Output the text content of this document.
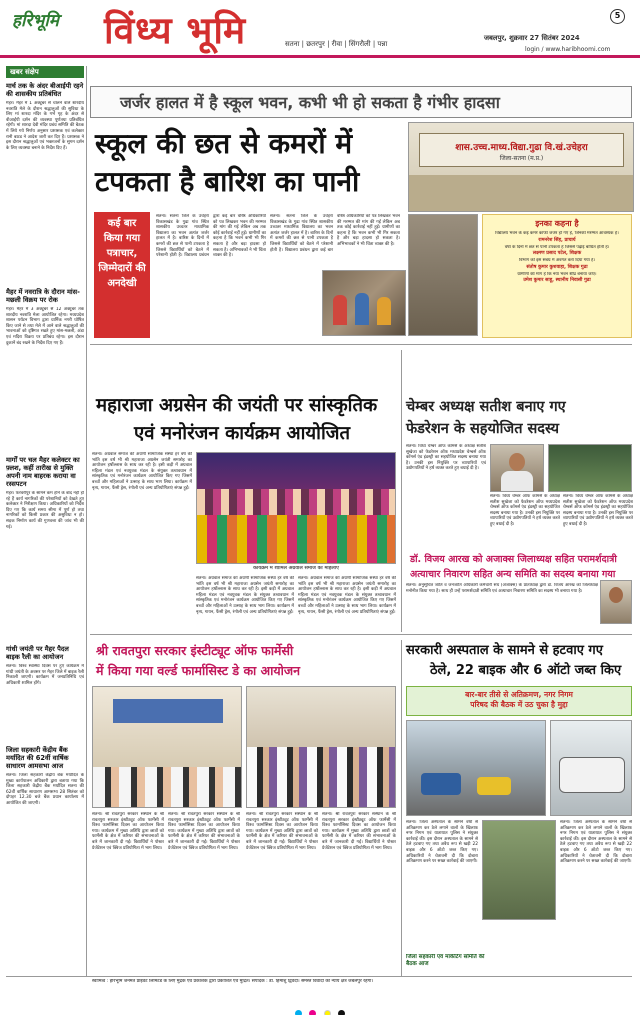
हरिभूमि विंध्य भूमि	सतना | छतरपुर | रीवा | सिंगरौली | पन्ना
5
जबलपुर, शुक्रवार 27 सितंबर 2024
login / www.haribhoomi.com
खबर संक्षेप
मार्च तक के अंदर बीआईपी रहने की शासकीय प्रतिबंधित
मैहर। मैहर में 1 अक्टूबर से चालने वाले शारदीय नवरात्रि मेले के दौरान श्रद्धालुओं की सुविधा के लिए मां शारदा मंदिर के गर्भ गृह के अंदर से वीआईपी दर्शन की व्यवस्था पूर्णतया प्रतिबंधित रहेगी। मां शारदा देवी मंदिर प्रबंध समिति की बैठक में लिये गये निर्णय अनुसार प्रशासक एवं कलेक्टर रानी बाटड ने आदेश जारी कर दिए हैं। प्रशासक ने इस दौरान श्रद्धालुओं एवं भक्तजनों के सुगम दर्शन के लिए व्यवस्था बनाने के निर्देश दिए हैं।
मैहर में नवरात्रि के दौरान मांस-मछली विक्रय पर रोक
मैहर। मैहर में 3 अक्टूबर से 12 अक्टूबर तक शारदीय नवरात्रि मेला आयोजित रहेगा। मध्यप्रदेश शासन पर्यटन विभाग द्वारा धार्मिक नगरी घोषित किए जाने से तथा मेले में आने वाले श्रद्धालुओं की भावनाओं को दृष्टिगत रखते हुए मांस-मछली, अंडा एवं मदिरा विक्रय पर प्रतिबंध रहेगा। इस दौरान दुकानें बंद रखने के निर्देश दिए गए हैं।
मार्गों पर चल मैहर कलेक्टर का फ़्लश, कहीं तारीख से मुक्ति अपनी नाम बाहरक कराया वा रस्सपटन
मैहर। फरवरीपुर के सामने कम होने के बाद नहीं हो रहे हैं कार्य नागरिकों की परेशानियों को देखते हुए कलेक्टर ने निरीक्षण किया। अधिकारियों को निर्देश दिए गए कि कार्य समय सीमा में पूर्ण हो तथा नागरिकों को किसी प्रकार की असुविधा न हो। सड़क निर्माण कार्य की गुणवत्ता की जांच भी की गई।
गांधी जयंती पर मैहर पैदल बाइक रैली का आयोजन
सतना। विश्व स्वास्थ्य दिवस पर हुए कार्यक्रम में गांधी जयंती के अवसर पर मैहर जिले में बाइक रैली निकाली जाएगी। कार्यक्रम में जनप्रतिनिधि एवं अधिकारी शामिल होंगे।
जिला सहकारी केंद्रीय बैंक मर्यादित की 62वीं वार्षिक साधारण आमसभा आज
सतना। जिला सहकारी केंद्रीय बैंक मर्यादित के मुख्य कार्यपालन अधिकारी द्वारा बताया गया कि जिला सहकारी केंद्रीय बैंक मर्यादित सतना की 62वीं वार्षिक साधारण आमसभा 28 सितंबर को दोपहर 12.30 बजे बैंक प्रधान कार्यालय में आयोजित की जाएगी।
जर्जर हालत में है स्कूल भवन, कभी भी हो सकता है गंभीर हादसा
स्कूल की छत से कमरों में
टपकता है बारिश का पानी
शास.उच्च.माध्य.विद्या.गुढा वि.खं.उचेहरा
जिला-सतना (म.प्र.)
कई बार किया गया पत्राचार, जिम्मेदारों की अनदेखी
सतना। सतना जिले के उचेहरा विकासखंड के गुढा गांव स्थित शासकीय उच्चतर माध्यमिक विद्यालय का भवन अत्यंत जर्जर हालत में है। बारिश के दिनों में कमरों की छत से पानी टपकता है जिससे विद्यार्थियों को बैठने में परेशानी होती है। विद्यालय प्रबंधन द्वारा कई बार वरिष्ठ अधिकारियों को पत्र लिखकर भवन की मरम्मत की मांग की गई लेकिन अब तक कोई कार्रवाई नहीं हुई। ग्रामीणों का कहना है कि भवन कभी भी गिर सकता है और बड़ा हादसा हो सकता है। अभिभावकों ने भी चिंता व्यक्त की है।
सतना। सतना जिले के उचेहरा विकासखंड के गुढा गांव स्थित शासकीय उच्चतर माध्यमिक विद्यालय का भवन अत्यंत जर्जर हालत में है। बारिश के दिनों में कमरों की छत से पानी टपकता है जिससे विद्यार्थियों को बैठने में परेशानी होती है। विद्यालय प्रबंधन द्वारा कई बार वरिष्ठ अधिकारियों को पत्र लिखकर भवन की मरम्मत की मांग की गई लेकिन अब तक कोई कार्रवाई नहीं हुई। ग्रामीणों का कहना है कि भवन कभी भी गिर सकता है और बड़ा हादसा हो सकता है। अभिभावकों ने भी चिंता व्यक्त की है।
इनका कहना है
विद्यालय भवन के कई कमरे काफी जर्जर हो गए हैं, जिनकी मरम्मत आवश्यक है।
रामनरेश सिंह, प्राचार्य
वर्षा के दिनों में छत से पानी टपकता है जिससे पढ़ाई बाधित होती है।
लक्ष्मण प्रसाद पटेल, शिक्षक
विभाग को इस संबंध में अवगत करा दिया गया है।
संतोष कुमार कुशवाहा, शिक्षक गुढा
ग्रामीणों की मांग है कि नया भवन शीघ्र बनाया जाए।
उमेश कुमार साहू, स्थानीय निवासी गुढा
महाराजा अग्रसेन की जयंती पर सांस्कृतिक
एवं मनोरंजन कार्यक्रम आयोजित
सतना। अग्रवाल समाज की अग्रणी सामाजिक संस्था हर वर्ष की भांति इस वर्ष भी श्री महाराजा अग्रसेन जयंती समारोह का आयोजन हर्षोल्लास के साथ कर रही है। इसी कड़ी में अग्रवाल महिला मंडल एवं नवयुवक मंडल के संयुक्त तत्वावधान में सांस्कृतिक एवं मनोरंजन कार्यक्रम आयोजित किए गए जिसमें बच्चों और महिलाओं ने उत्साह के साथ भाग लिया। कार्यक्रम में नृत्य, गायन, फैंसी ड्रेस, रंगोली एवं अन्य प्रतियोगिताएं संपन्न हुईं।
कार्यक्रम में शामिल अग्रवाल समाज की महिलाएं
सतना। अग्रवाल समाज की अग्रणी सामाजिक संस्था हर वर्ष की भांति इस वर्ष भी श्री महाराजा अग्रसेन जयंती समारोह का आयोजन हर्षोल्लास के साथ कर रही है। इसी कड़ी में अग्रवाल महिला मंडल एवं नवयुवक मंडल के संयुक्त तत्वावधान में सांस्कृतिक एवं मनोरंजन कार्यक्रम आयोजित किए गए जिसमें बच्चों और महिलाओं ने उत्साह के साथ भाग लिया। कार्यक्रम में नृत्य, गायन, फैंसी ड्रेस, रंगोली एवं अन्य प्रतियोगिताएं संपन्न हुईं।
सतना। अग्रवाल समाज की अग्रणी सामाजिक संस्था हर वर्ष की भांति इस वर्ष भी श्री महाराजा अग्रसेन जयंती समारोह का आयोजन हर्षोल्लास के साथ कर रही है। इसी कड़ी में अग्रवाल महिला मंडल एवं नवयुवक मंडल के संयुक्त तत्वावधान में सांस्कृतिक एवं मनोरंजन कार्यक्रम आयोजित किए गए जिसमें बच्चों और महिलाओं ने उत्साह के साथ भाग लिया। कार्यक्रम में नृत्य, गायन, फैंसी ड्रेस, रंगोली एवं अन्य प्रतियोगिताएं संपन्न हुईं।
चेम्बर अध्यक्ष सतीश बनाए गए
फेडरेशन के सहयोजित सदस्य
सतना। विंध्य चेम्बर ऑफ कॉमर्स के अध्यक्ष सतीश सुखेजा को फेडरेशन ऑफ मध्यप्रदेश चेम्बर्स ऑफ कॉमर्स एंड इंडस्ट्री का सहयोजित सदस्य बनाया गया है। उनकी इस नियुक्ति पर व्यापारियों एवं उद्योगपतियों ने हर्ष व्यक्त करते हुए बधाई दी है।
सतना। विंध्य चेम्बर ऑफ कॉमर्स के अध्यक्ष सतीश सुखेजा को फेडरेशन ऑफ मध्यप्रदेश चेम्बर्स ऑफ कॉमर्स एंड इंडस्ट्री का सहयोजित सदस्य बनाया गया है। उनकी इस नियुक्ति पर व्यापारियों एवं उद्योगपतियों ने हर्ष व्यक्त करते हुए बधाई दी है।
सतना। विंध्य चेम्बर ऑफ कॉमर्स के अध्यक्ष सतीश सुखेजा को फेडरेशन ऑफ मध्यप्रदेश चेम्बर्स ऑफ कॉमर्स एंड इंडस्ट्री का सहयोजित सदस्य बनाया गया है। उनकी इस नियुक्ति पर व्यापारियों एवं उद्योगपतियों ने हर्ष व्यक्त करते हुए बधाई दी है।
डॉ. विजय आरख को अजाक्स जिलाध्यक्ष सहित परामर्शदात्री
अत्याचार निवारण सहित अन्य समिति का सदस्य बनाया गया
सतना। अनुसूचित जाति व जनजाति अधिकारी कर्मचारी संघ (अजाक्स) के प्रांताध्यक्ष द्वारा डॉ. विजय आरख को जिलाध्यक्ष मनोनीत किया गया है। साथ ही उन्हें परामर्शदात्री समिति एवं अत्याचार निवारण समिति का सदस्य भी बनाया गया है।
श्री रावतपुरा सरकार इंस्टीट्यूट ऑफ फार्मेसी
में किया गया वर्ल्ड फार्मासिस्ट डे का आयोजन
सतना। श्री रावतपुरा सरकार संस्थान के श्री रावतपुरा सरकार इंस्टीट्यूट ऑफ फार्मेसी में विश्व फार्मासिस्ट दिवस का आयोजन किया गया। कार्यक्रम में मुख्य अतिथि द्वारा छात्रों को फार्मेसी के क्षेत्र में करियर की संभावनाओं के बारे में जानकारी दी गई। विद्यार्थियों ने पोस्टर प्रेजेंटेशन एवं क्विज प्रतियोगिता में भाग लिया।
सतना। श्री रावतपुरा सरकार संस्थान के श्री रावतपुरा सरकार इंस्टीट्यूट ऑफ फार्मेसी में विश्व फार्मासिस्ट दिवस का आयोजन किया गया। कार्यक्रम में मुख्य अतिथि द्वारा छात्रों को फार्मेसी के क्षेत्र में करियर की संभावनाओं के बारे में जानकारी दी गई। विद्यार्थियों ने पोस्टर प्रेजेंटेशन एवं क्विज प्रतियोगिता में भाग लिया।
सतना। श्री रावतपुरा सरकार संस्थान के श्री रावतपुरा सरकार इंस्टीट्यूट ऑफ फार्मेसी में विश्व फार्मासिस्ट दिवस का आयोजन किया गया। कार्यक्रम में मुख्य अतिथि द्वारा छात्रों को फार्मेसी के क्षेत्र में करियर की संभावनाओं के बारे में जानकारी दी गई। विद्यार्थियों ने पोस्टर प्रेजेंटेशन एवं क्विज प्रतियोगिता में भाग लिया।
सतना। श्री रावतपुरा सरकार संस्थान के श्री रावतपुरा सरकार इंस्टीट्यूट ऑफ फार्मेसी में विश्व फार्मासिस्ट दिवस का आयोजन किया गया। कार्यक्रम में मुख्य अतिथि द्वारा छात्रों को फार्मेसी के क्षेत्र में करियर की संभावनाओं के बारे में जानकारी दी गई। विद्यार्थियों ने पोस्टर प्रेजेंटेशन एवं क्विज प्रतियोगिता में भाग लिया।
सरकारी अस्पताल के सामने से हटवाए गए
ठेले, 22 बाइक और 6 ऑटो जब्त किए
बार-बार तीसे से अतिक्रमण, नगर निगम
परिषद की बैठक में उठ चुका है मुद्दा
सतना। जिला अस्पताल के सामने वर्षों से अतिक्रमण कर ठेले लगाने वालों के खिलाफ नगर निगम एवं यातायात पुलिस ने संयुक्त कार्रवाई की। इस दौरान अस्पताल के सामने से ठेले हटवाए गए तथा अवैध रूप से खड़ी 22 बाइक और 6 ऑटो जब्त किए गए। अधिकारियों ने चेतावनी दी कि दोबारा अतिक्रमण करने पर सख्त कार्रवाई की जाएगी।
सतना। जिला अस्पताल के सामने वर्षों से अतिक्रमण कर ठेले लगाने वालों के खिलाफ नगर निगम एवं यातायात पुलिस ने संयुक्त कार्रवाई की। इस दौरान अस्पताल के सामने से ठेले हटवाए गए तथा अवैध रूप से खड़ी 22 बाइक और 6 ऑटो जब्त किए गए। अधिकारियों ने चेतावनी दी कि दोबारा अतिक्रमण करने पर सख्त कार्रवाई की जाएगी।
जिला सहकारी एवं मार्केटिंग समिति की बैठक आज
स्वामित्व : हरिभूमि जनमत प्राइवेट लिमिटेड के लिए मुद्रक एवं प्रकाशक द्वारा प्रकाशित एवं मुद्रित। संपादक : डॉ. हिमांशु द्विवेदी। समस्त विवादों का न्याय क्षेत्र जबलपुर रहेगा।
